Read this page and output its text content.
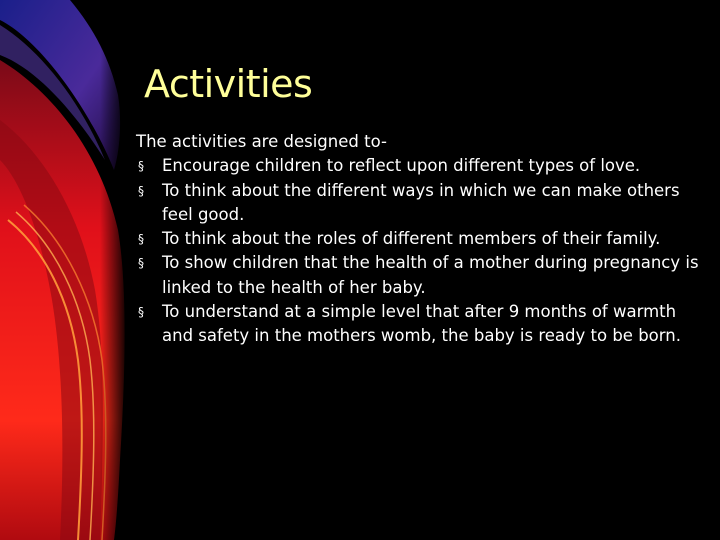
Activities
The activities are designed to-
§ Encourage children to reflect upon different types of love.
§ To think about the different ways in which we can make others feel good.
§ To think about the roles of different members of their family.
§ To show children that the health of a mother during pregnancy is linked to the health of her baby.
§ To understand at a simple level that after 9 months of warmth and safety in the mothers womb, the baby is ready to be born.
